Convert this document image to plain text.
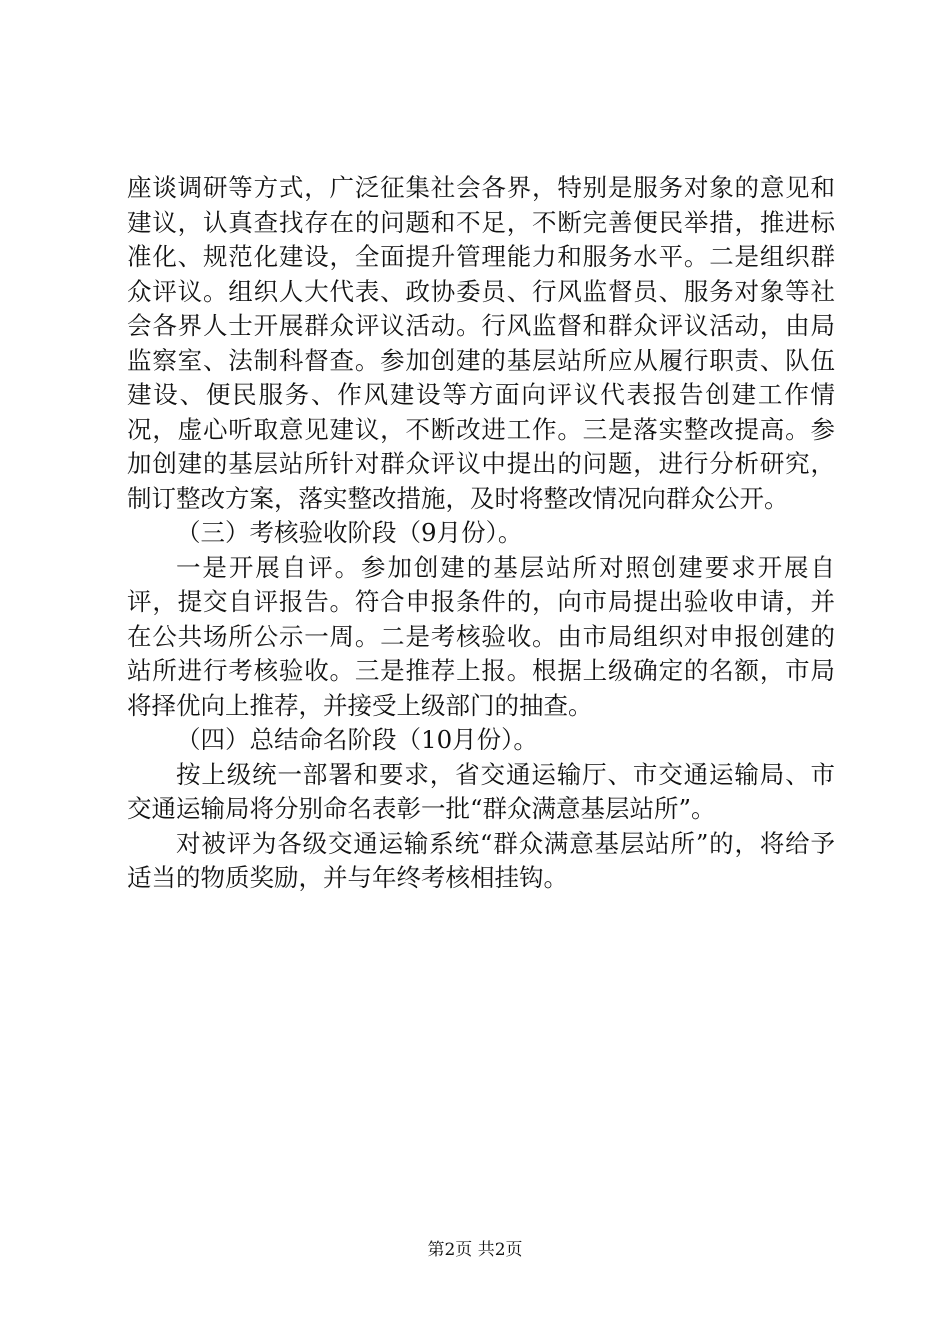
座谈调研等方式，广泛征集社会各界，特别是服务对象的意见和建议，认真查找存在的问题和不足，不断完善便民举措，推进标准化、规范化建设，全面提升管理能力和服务水平。二是组织群众评议。组织人大代表、政协委员、行风监督员、服务对象等社会各界人士开展群众评议活动。行风监督和群众评议活动，由局监察室、法制科督查。参加创建的基层站所应从履行职责、队伍建设、便民服务、作风建设等方面向评议代表报告创建工作情况，虚心听取意见建议，不断改进工作。三是落实整改提高。参加创建的基层站所针对群众评议中提出的问题，进行分析研究，制订整改方案，落实整改措施，及时将整改情况向群众公开。

（三）考核验收阶段（9月份）。

一是开展自评。参加创建的基层站所对照创建要求开展自评，提交自评报告。符合申报条件的，向市局提出验收申请，并在公共场所公示一周。二是考核验收。由市局组织对申报创建的站所进行考核验收。三是推荐上报。根据上级确定的名额，市局将择优向上推荐，并接受上级部门的抽查。

（四）总结命名阶段（10月份）。

按上级统一部署和要求，省交通运输厅、市交通运输局、市交通运输局将分别命名表彰一批“群众满意基层站所”。

对被评为各级交通运输系统“群众满意基层站所”的，将给予适当的物质奖励，并与年终考核相挂钩。

第2页 共2页
